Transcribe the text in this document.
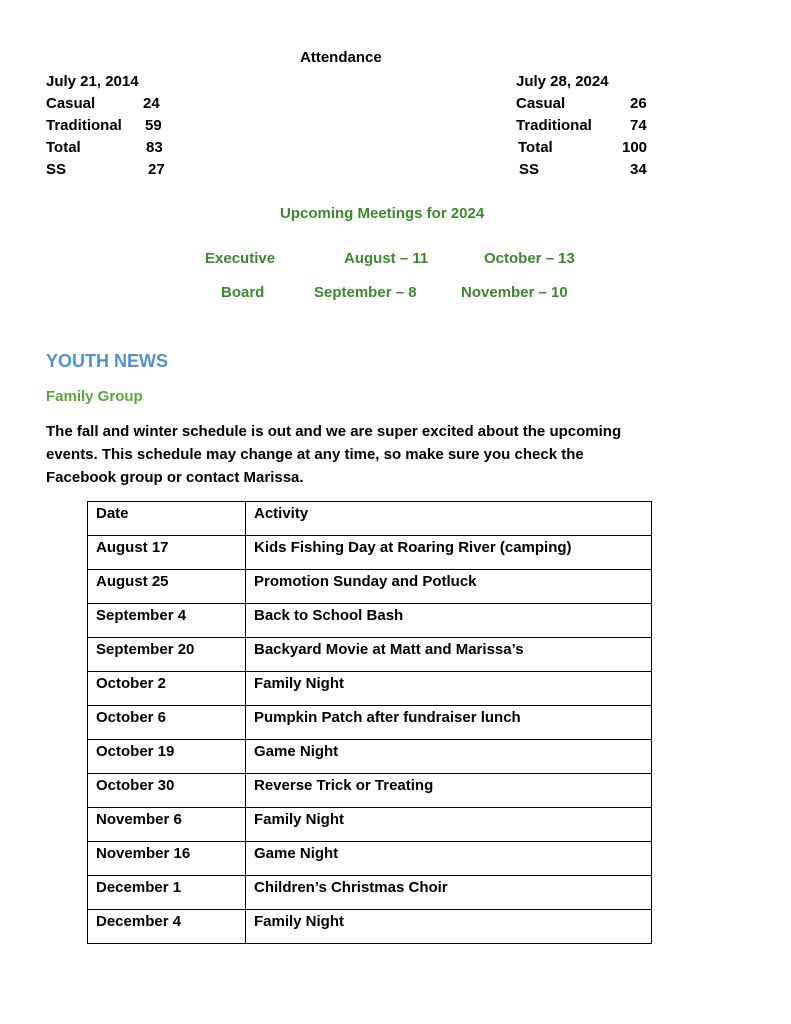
Attendance
July 21, 2014
Casual	24
Traditional 59
Total	83
SS	27
July 28, 2024
Casual	26
Traditional	74
Total	100
SS	34
Upcoming Meetings for 2024
Executive	August – 11	October – 13
Board	September – 8	November – 10
YOUTH NEWS
Family Group
The fall and winter schedule is out and we are super excited about the upcoming
events. This schedule may change at any time, so make sure you check the
Facebook group or contact Marissa.
Date	Activity
August 17	Kids Fishing Day at Roaring River (camping)
August 25	Promotion Sunday and Potluck
September 4	Back to School Bash
September 20	Backyard Movie at Matt and Marissa’s
October 2	Family Night
October 6	Pumpkin Patch after fundraiser lunch
October 19	Game Night
October 30	Reverse Trick or Treating
November 6	Family Night
November 16	Game Night
December 1	Children’s Christmas Choir
December 4	Family Night
